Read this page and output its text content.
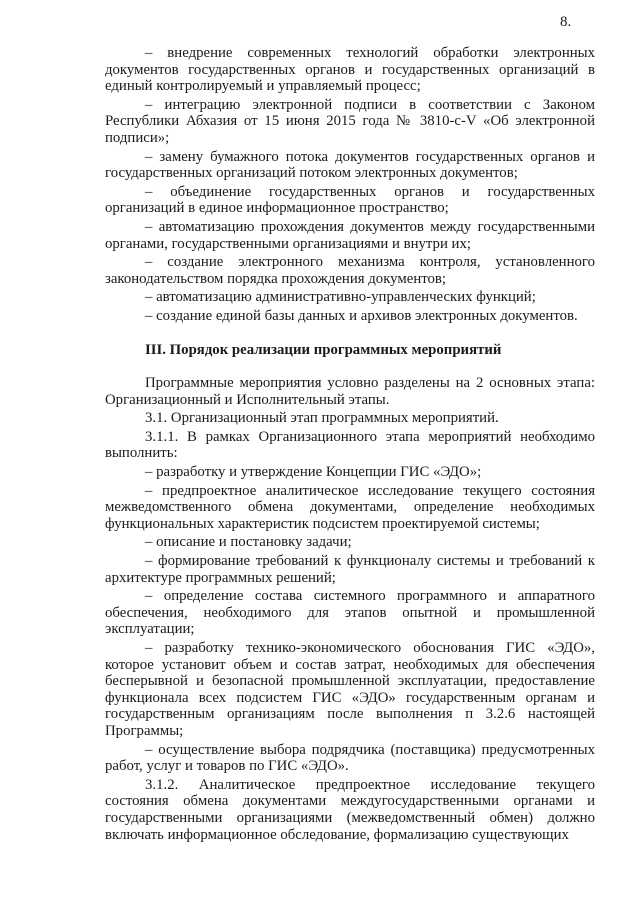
8.

– внедрение современных технологий обработки электронных документов государственных органов и государственных организаций в единый контролируемый и управляемый процесс;

– интеграцию электронной подписи в соответствии с Законом Республики Абхазия от 15 июня 2015 года № 3810-с-V «Об электронной подписи»;

– замену бумажного потока документов государственных органов и государственных организаций потоком электронных документов;

– объединение государственных органов и государственных организаций в единое информационное пространство;

– автоматизацию прохождения документов между государственными органами, государственными организациями и внутри их;

– создание электронного механизма контроля, установленного законодательством порядка прохождения документов;

– автоматизацию административно-управленческих функций;

– создание единой базы данных и архивов электронных документов.

III. Порядок реализации программных мероприятий

Программные мероприятия условно разделены на 2 основных этапа: Организационный и Исполнительный этапы.

3.1. Организационный этап программных мероприятий.

3.1.1. В рамках Организационного этапа мероприятий необходимо выполнить:

– разработку и утверждение Концепции ГИС «ЭДО»;

– предпроектное аналитическое исследование текущего состояния межведомственного обмена документами, определение необходимых функциональных характеристик подсистем проектируемой системы;

– описание и постановку задачи;

– формирование требований к функционалу системы и требований к архитектуре программных решений;

– определение состава системного программного и аппаратного обеспечения, необходимого для этапов опытной и промышленной эксплуатации;

– разработку технико-экономического обоснования ГИС «ЭДО», которое установит объем и состав затрат, необходимых для обеспечения бесперывной и безопасной промышленной эксплуатации, предоставление функционала всех подсистем ГИС «ЭДО» государственным органам и государственным организациям после выполнения п 3.2.6 настоящей Программы;

– осуществление выбора подрядчика (поставщика) предусмотренных работ, услуг и товаров по ГИС «ЭДО».

3.1.2. Аналитическое предпроектное исследование текущего состояния обмена документами междугосударственными органами и государственными организациями (межведомственный обмен) должно включать информационное обследование, формализацию существующих
